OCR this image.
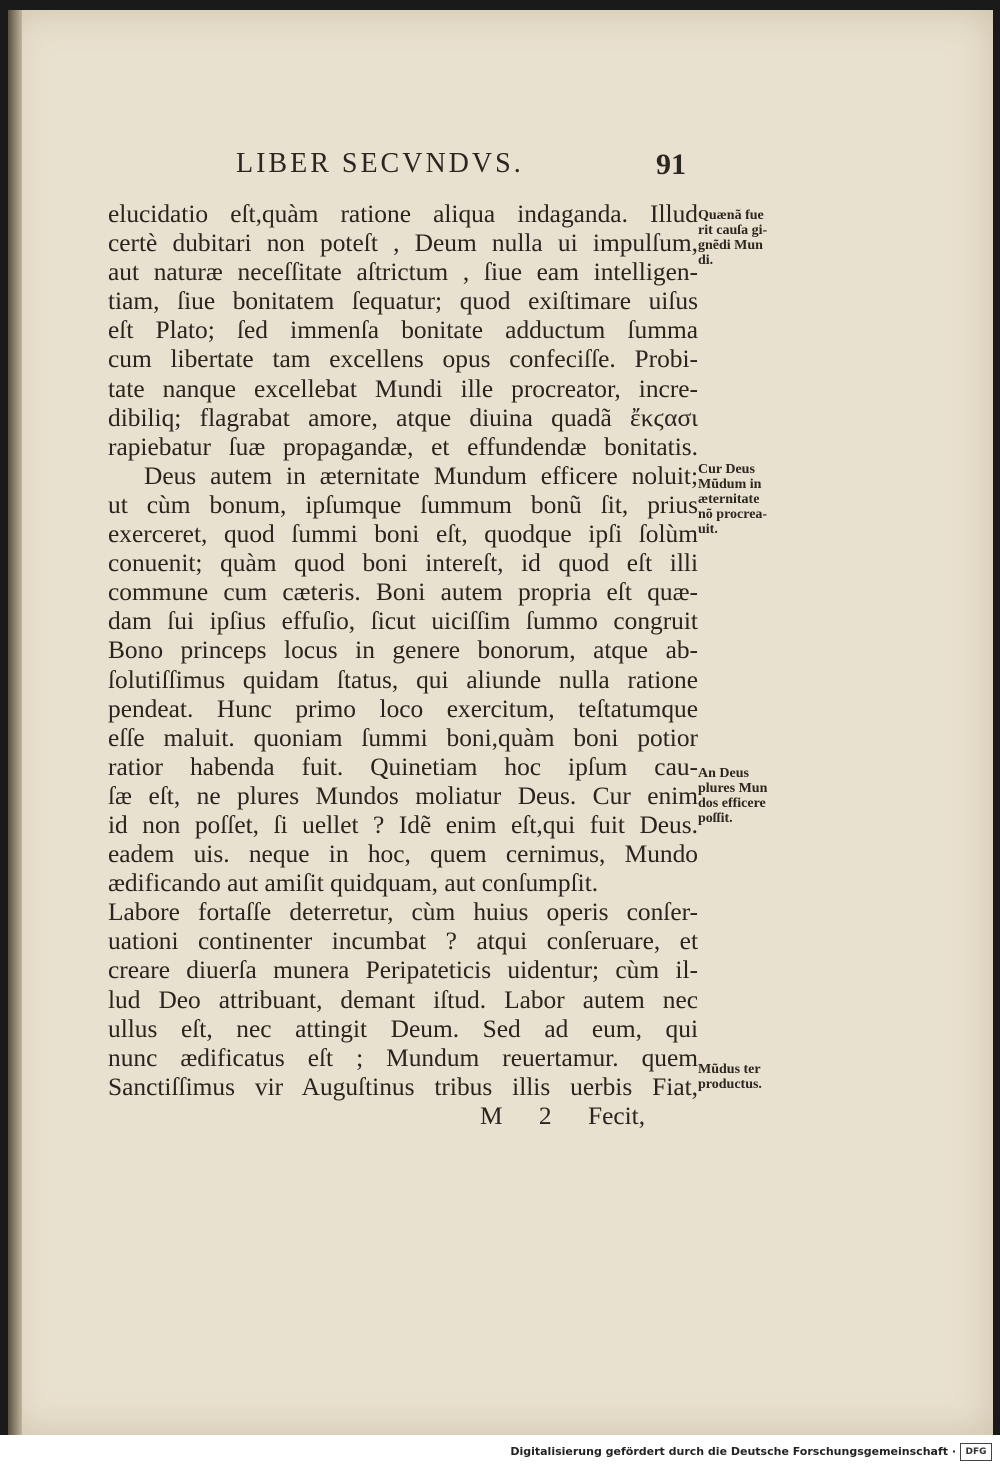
LIBER SECVNDVS.	91
elucidatio eſt,quàm ratione aliqua indaganda. Illud
certè dubitari non poteſt , Deum nulla ui impulſum,
aut naturæ neceſſitate aſtrictum , ſiue eam intelligen-
tiam, ſiue bonitatem ſequatur; quod exiſtimare uiſus
eſt Plato; ſed immenſa bonitate adductum ſumma
cum libertate tam excellens opus confeciſſe. Probi-
tate nanque excellebat Mundi ille procreator, incre-
dibiliq; flagrabat amore, atque diuina quadã ἔκϛασι
rapiebatur ſuæ propagandæ, et effundendæ bonitatis.
Deus autem in æternitate Mundum efficere noluit;
ut cùm bonum, ipſumque ſummum bonũ ſit, prius
exerceret, quod ſummi boni eſt, quodque ipſi ſolùm
conuenit; quàm quod boni intereſt, id quod eſt illi
commune cum cæteris. Boni autem propria eſt quæ-
dam ſui ipſius effuſio, ſicut uiciſſim ſummo congruit
Bono princeps locus in genere bonorum, atque ab-
ſolutiſſimus quidam ſtatus, qui aliunde nulla ratione
pendeat. Hunc primo loco exercitum, teſtatumque
eſſe maluit. quoniam ſummi boni,quàm boni potior
ratior habenda fuit. Quinetiam hoc ipſum cau-
ſæ eſt, ne plures Mundos moliatur Deus. Cur enim
id non poſſet, ſi uellet ? Idẽ enim eſt,qui fuit Deus.
eadem uis. neque in hoc, quem cernimus, Mundo
ædificando aut amiſit quidquam, aut conſumpſit.
Labore fortaſſe deterretur, cùm huius operis conſer-
uationi continenter incumbat ? atqui conſeruare, et
creare diuerſa munera Peripateticis uidentur; cùm il-
lud Deo attribuant, demant iſtud. Labor autem nec
ullus eſt, nec attingit Deum. Sed ad eum, qui
nunc ædificatus eſt ; Mundum reuertamur. quem
Sanctiſſimus vir Auguſtinus tribus illis uerbis Fiat,
M 2 Fecit,
Quænã fue
rit cauſa gi-
gnẽdi Mun
di.
Cur Deus
Mũdum in
æternitate
nõ procrea-
uit.
An Deus
plures Mun
dos efficere
poſſit.
Mũdus ter
productus.
Digitalisierung gefördert durch die Deutsche Forschungsgemeinschaft ·	DFG
